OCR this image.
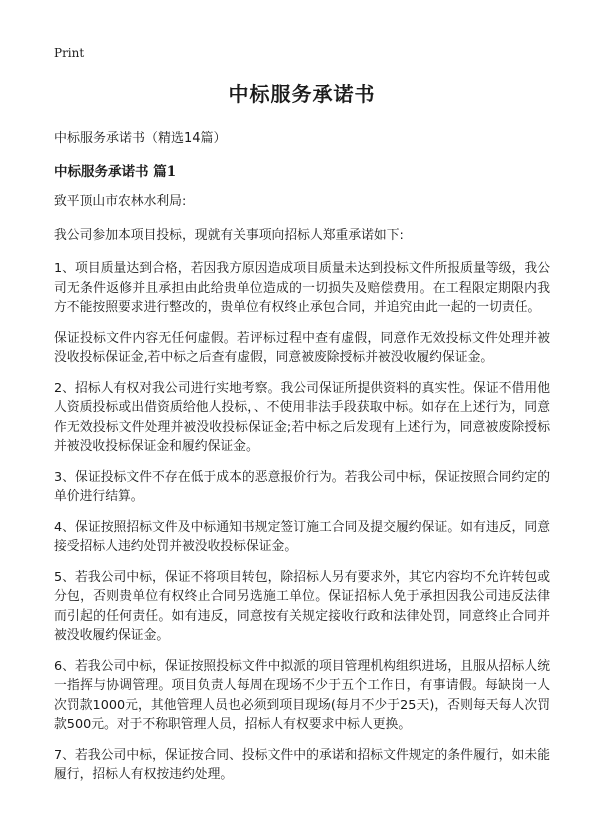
Print
中标服务承诺书

中标服务承诺书（精选14篇）

中标服务承诺书 篇1

致平顶山市农林水利局:

我公司参加本项目投标，现就有关事项向招标人郑重承诺如下:

1、项目质量达到合格，若因我方原因造成项目质量未达到投标文件所报质量等级，我公司无条件返修并且承担由此给贵单位造成的一切损失及赔偿费用。在工程限定期限内我方不能按照要求进行整改的，贵单位有权终止承包合同，并追究由此一起的一切责任。

保证投标文件内容无任何虚假。若评标过程中查有虚假，同意作无效投标文件处理并被没收投标保证金,若中标之后查有虚假，同意被废除授标并被没收履约保证金。

2、招标人有权对我公司进行实地考察。我公司保证所提供资料的真实性。保证不借用他人资质投标或出借资质给他人投标，、不使用非法手段获取中标。如存在上述行为，同意作无效投标文件处理并被没收投标保证金;若中标之后发现有上述行为，同意被废除授标并被没收投标保证金和履约保证金。

3、保证投标文件不存在低于成本的恶意报价行为。若我公司中标，保证按照合同约定的单价进行结算。

4、保证按照招标文件及中标通知书规定签订施工合同及提交履约保证。如有违反，同意接受招标人违约处罚并被没收投标保证金。

5、若我公司中标，保证不将项目转包，除招标人另有要求外，其它内容均不允许转包或分包，否则贵单位有权终止合同另选施工单位。保证招标人免于承担因我公司违反法律而引起的任何责任。如有违反，同意按有关规定接收行政和法律处罚，同意终止合同并被没收履约保证金。

6、若我公司中标，保证按照投标文件中拟派的项目管理机构组织进场，且服从招标人统一指挥与协调管理。项目负责人每周在现场不少于五个工作日，有事请假。每缺岗一人次罚款1000元，其他管理人员也必须到项目现场(每月不少于25天)，否则每天每人次罚款500元。对于不称职管理人员，招标人有权要求中标人更换。

7、若我公司中标，保证按合同、投标文件中的承诺和招标文件规定的条件履行，如未能履行，招标人有权按违约处理。
